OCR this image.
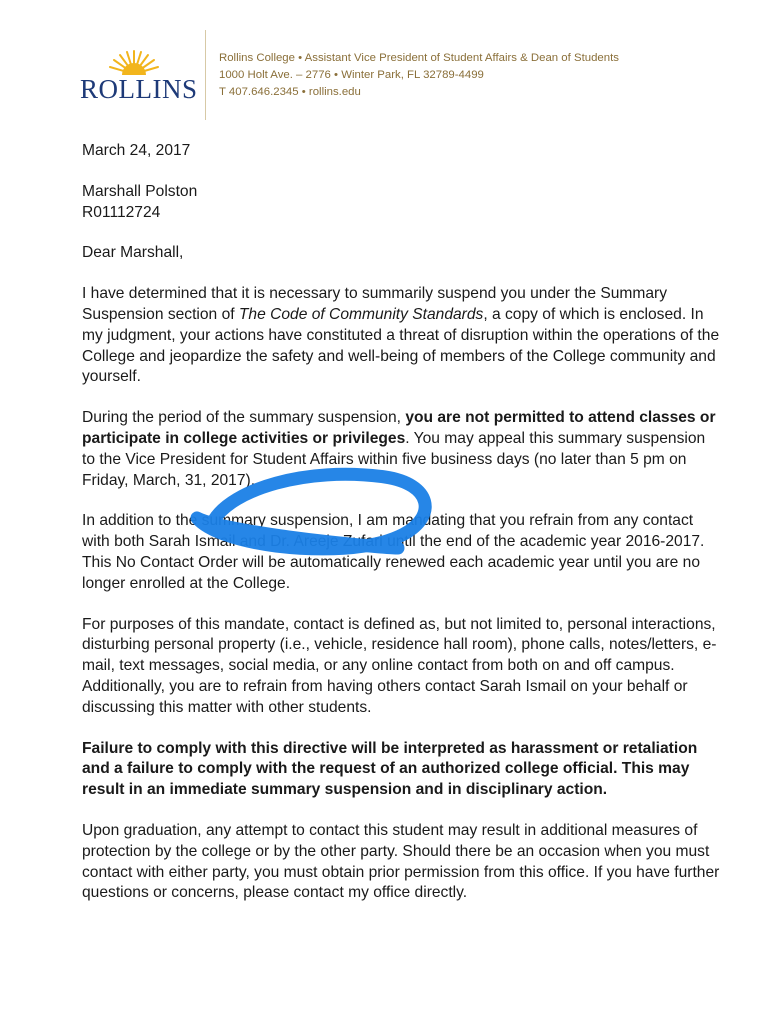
ROLLINS
Rollins College • Assistant Vice President of Student Affairs & Dean of Students
1000 Holt Ave. – 2776 • Winter Park, FL 32789-4499
T 407.646.2345 • rollins.edu

March 24, 2017

Marshall Polston

R01112724

Dear Marshall,

I have determined that it is necessary to summarily suspend you under the Summary Suspension section of The Code of Community Standards, a copy of which is enclosed. In my judgment, your actions have constituted a threat of disruption within the operations of the College and jeopardize the safety and well-being of members of the College community and yourself.

During the period of the summary suspension, you are not permitted to attend classes or participate in college activities or privileges. You may appeal this summary suspension to the Vice President for Student Affairs within five business days (no later than 5 pm on Friday, March, 31, 2017).

In addition to the summary suspension, I am mandating that you refrain from any contact with both Sarah Ismail and Dr. Areeje Zufari until the end of the academic year 2016-2017. This No Contact Order will be automatically renewed each academic year until you are no longer enrolled at the College.

For purposes of this mandate, contact is defined as, but not limited to, personal interactions, disturbing personal property (i.e., vehicle, residence hall room), phone calls, notes/letters, e-mail, text messages, social media, or any online contact from both on and off campus. Additionally, you are to refrain from having others contact Sarah Ismail on your behalf or discussing this matter with other students.

Failure to comply with this directive will be interpreted as harassment or retaliation and a failure to comply with the request of an authorized college official. This may result in an immediate summary suspension and in disciplinary action.

Upon graduation, any attempt to contact this student may result in additional measures of protection by the college or by the other party. Should there be an occasion when you must contact with either party, you must obtain prior permission from this office. If you have further questions or concerns, please contact my office directly.
